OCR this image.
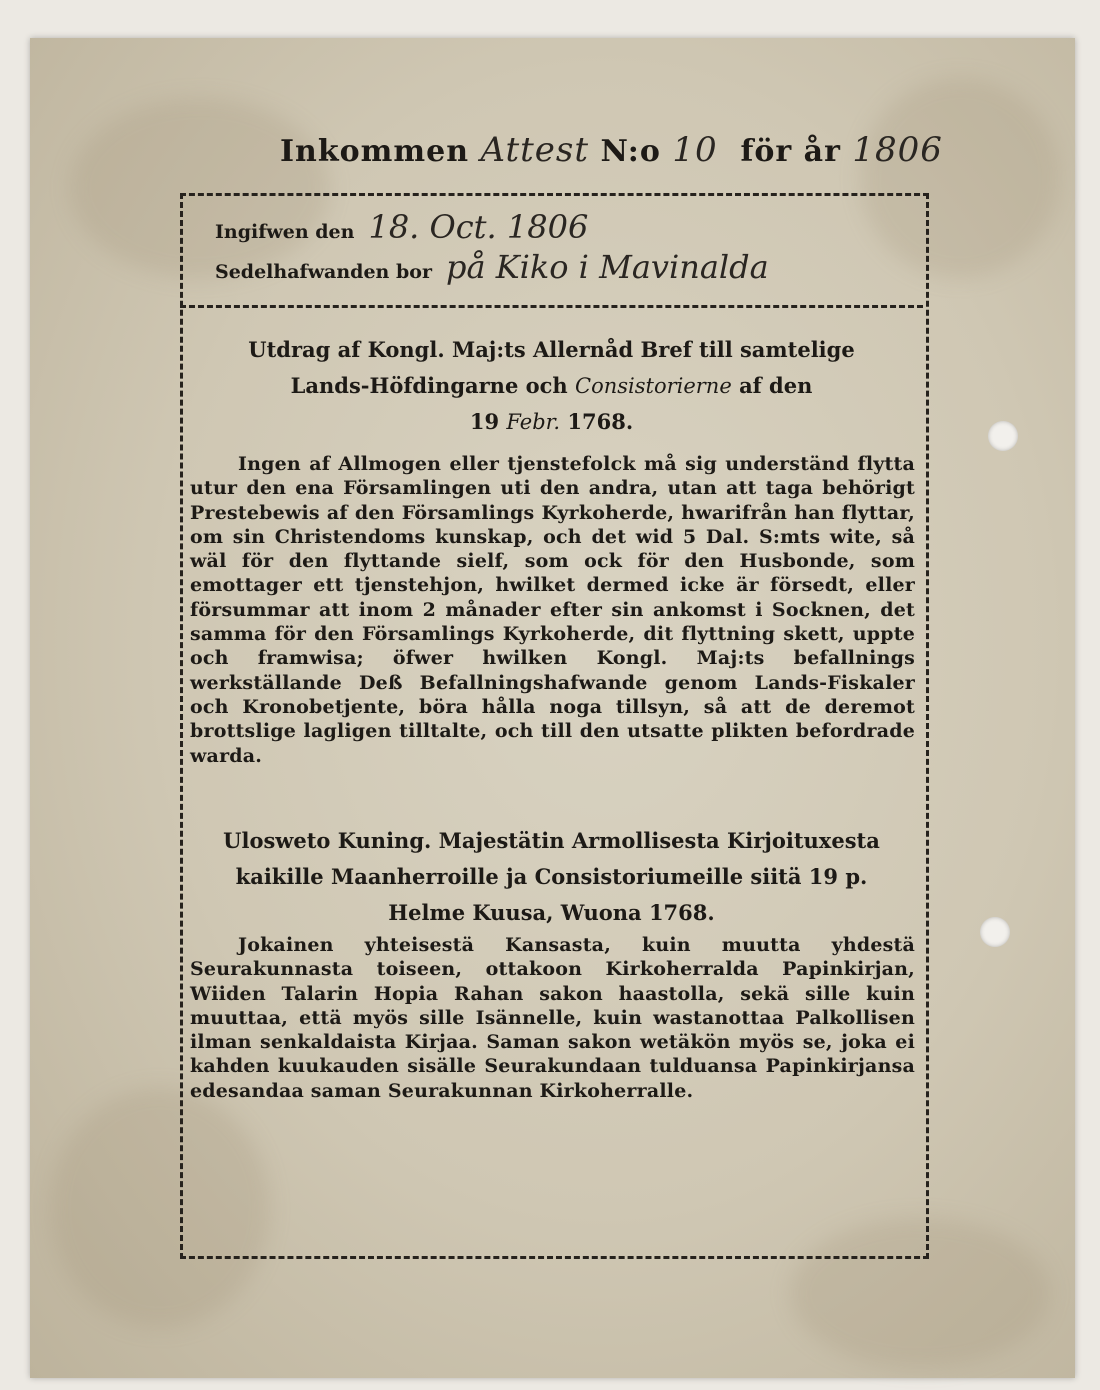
Inkommen Attest N:o 10 för år 1806
Ingifwen den 18. Oct. 1806
Sedelhafwanden bor på Kiko i Mavinalda
Utdrag af Kongl. Maj:ts Allernåd Bref till samtelige
Lands-Höfdingarne och Consistorierne af den
19 Febr. 1768.
Ingen af Allmogen eller tjenstefolck må sig underständ flytta utur den ena Församlingen uti den andra, utan att taga behörigt Prestebewis af den Församlings Kyrkoherde, hwarifrån han flyttar, om sin Christendoms kunskap, och det wid 5 Dal. S:mts wite, så wäl för den flyttande sielf, som ock för den Husbonde, som emottager ett tjenstehjon, hwilket dermed icke är försedt, eller försummar att inom 2 månader efter sin ankomst i Socknen, det samma för den Församlings Kyrkoherde, dit flyttning skett, uppte och framwisa; öfwer hwilken Kongl. Maj:ts befallnings werkställande Deß Befallningshafwande genom Lands-Fiskaler och Kronobetjente, böra hålla noga tillsyn, så att de deremot brottslige lagligen tilltalte, och till den utsatte plikten befordrade warda.
Ulosweto Kuning. Majestätin Armollisesta Kirjoituxesta
kaikille Maanherroille ja Consistoriumeille siitä 19 p.
Helme Kuusa, Wuona 1768.
Jokainen yhteisestä Kansasta, kuin muutta yhdestä Seurakunnasta toiseen, ottakoon Kirkoherralda Papinkirjan, Wiiden Talarin Hopia Rahan sakon haastolla, sekä sille kuin muuttaa, että myös sille Isännelle, kuin wastanottaa Palkollisen ilman senkaldaista Kirjaa. Saman sakon wetäkön myös se, joka ei kahden kuukauden sisälle Seurakundaan tulduansa Papinkirjansa edesandaa saman Seurakunnan Kirkoherralle.
